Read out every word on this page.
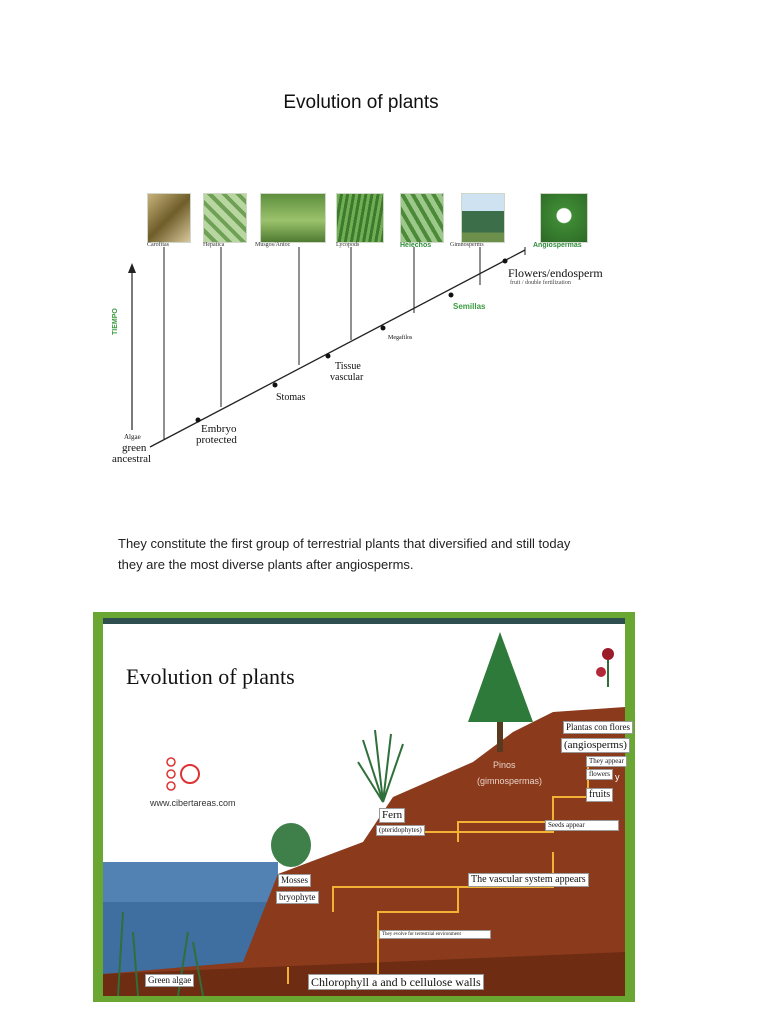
Evolution of plants
Carofitas	Hepatica	Musgos/Antoc	Lycopods	Helechos	Gimnosperms	Angiospermas
TIEMPO
Algae
green
ancestral
Embryo
protected
Stomas
Tissue
vascular
Megafilos
Semillas
Flowers/endosperm
fruit / double fertilization

They constitute the first group of terrestrial plants that diversified and still today
they are the most diverse plants after angiosperms.

Evolution of plants
www.cibertareas.com
Green algae	Chlorophyll a and b cellulose walls
They evolve for terrestrial environment
Mosses
bryophyte
The vascular system appears
Fern
(pteridophytes)
Seeds appear
Pinos
(gimnospermas)
Plantas con flores
(angiosperms)
They appear
flowers y
fruits
